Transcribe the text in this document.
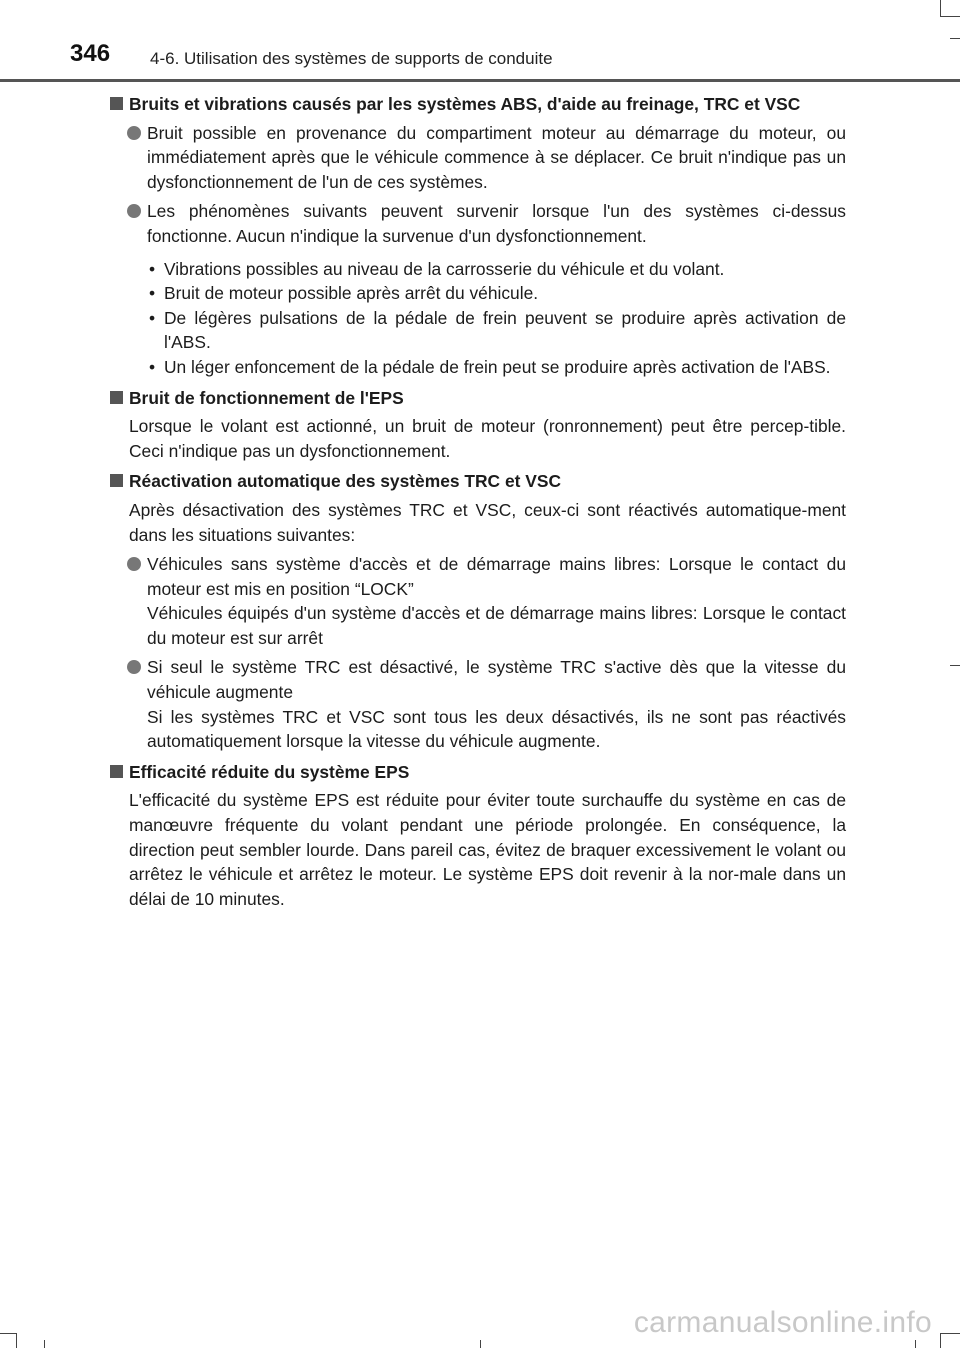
346 4-6. Utilisation des systèmes de supports de conduite
Bruits et vibrations causés par les systèmes ABS, d'aide au freinage, TRC et VSC
Bruit possible en provenance du compartiment moteur au démarrage du moteur, ou immédiatement après que le véhicule commence à se déplacer. Ce bruit n'indique pas un dysfonctionnement de l'un de ces systèmes.
Les phénomènes suivants peuvent survenir lorsque l'un des systèmes ci-dessus fonctionne. Aucun n'indique la survenue d'un dysfonctionnement.
• Vibrations possibles au niveau de la carrosserie du véhicule et du volant.
• Bruit de moteur possible après arrêt du véhicule.
• De légères pulsations de la pédale de frein peuvent se produire après activation de l'ABS.
• Un léger enfoncement de la pédale de frein peut se produire après activation de l'ABS.
Bruit de fonctionnement de l'EPS
Lorsque le volant est actionné, un bruit de moteur (ronronnement) peut être percep-tible. Ceci n'indique pas un dysfonctionnement.
Réactivation automatique des systèmes TRC et VSC
Après désactivation des systèmes TRC et VSC, ceux-ci sont réactivés automatique-ment dans les situations suivantes:
Véhicules sans système d'accès et de démarrage mains libres: Lorsque le contact du moteur est mis en position “LOCK”
Véhicules équipés d'un système d'accès et de démarrage mains libres: Lorsque le contact du moteur est sur arrêt
Si seul le système TRC est désactivé, le système TRC s'active dès que la vitesse du véhicule augmente
Si les systèmes TRC et VSC sont tous les deux désactivés, ils ne sont pas réactivés automatiquement lorsque la vitesse du véhicule augmente.
Efficacité réduite du système EPS
L'efficacité du système EPS est réduite pour éviter toute surchauffe du système en cas de manœuvre fréquente du volant pendant une période prolongée. En conséquence, la direction peut sembler lourde. Dans pareil cas, évitez de braquer excessivement le volant ou arrêtez le véhicule et arrêtez le moteur. Le système EPS doit revenir à la nor-male dans un délai de 10 minutes.
carmanualsonline.info
